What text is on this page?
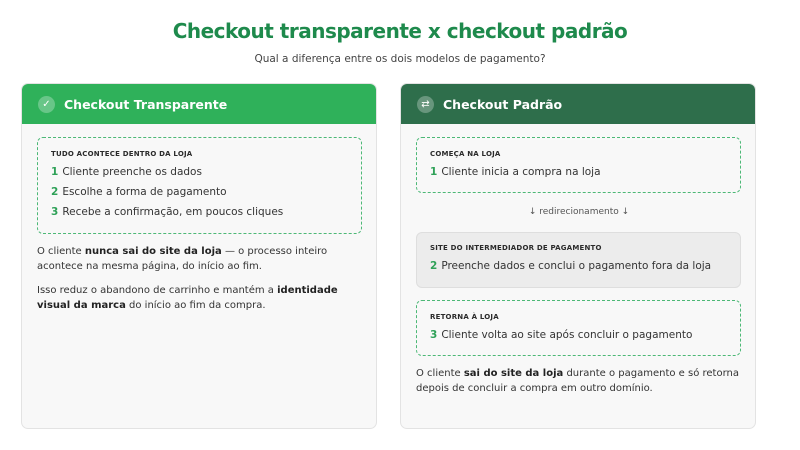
Checkout transparente x checkout padrão
Qual a diferença entre os dois modelos de pagamento?
✓	Checkout Transparente
TUDO ACONTECE DENTRO DA LOJA
1 Cliente preenche os dados
2 Escolhe a forma de pagamento
3 Recebe a confirmação, em poucos cliques
O cliente nunca sai do site da loja — o processo inteiro acontece na mesma página, do início ao fim.
Isso reduz o abandono de carrinho e mantém a identidade visual da marca do início ao fim da compra.
⇄	Checkout Padrão
COMEÇA NA LOJA
1 Cliente inicia a compra na loja
↓ redirecionamento ↓
SITE DO INTERMEDIADOR DE PAGAMENTO
2 Preenche dados e conclui o pagamento fora da loja
RETORNA À LOJA
3 Cliente volta ao site após concluir o pagamento
O cliente sai do site da loja durante o pagamento e só retorna depois de concluir a compra em outro domínio.
